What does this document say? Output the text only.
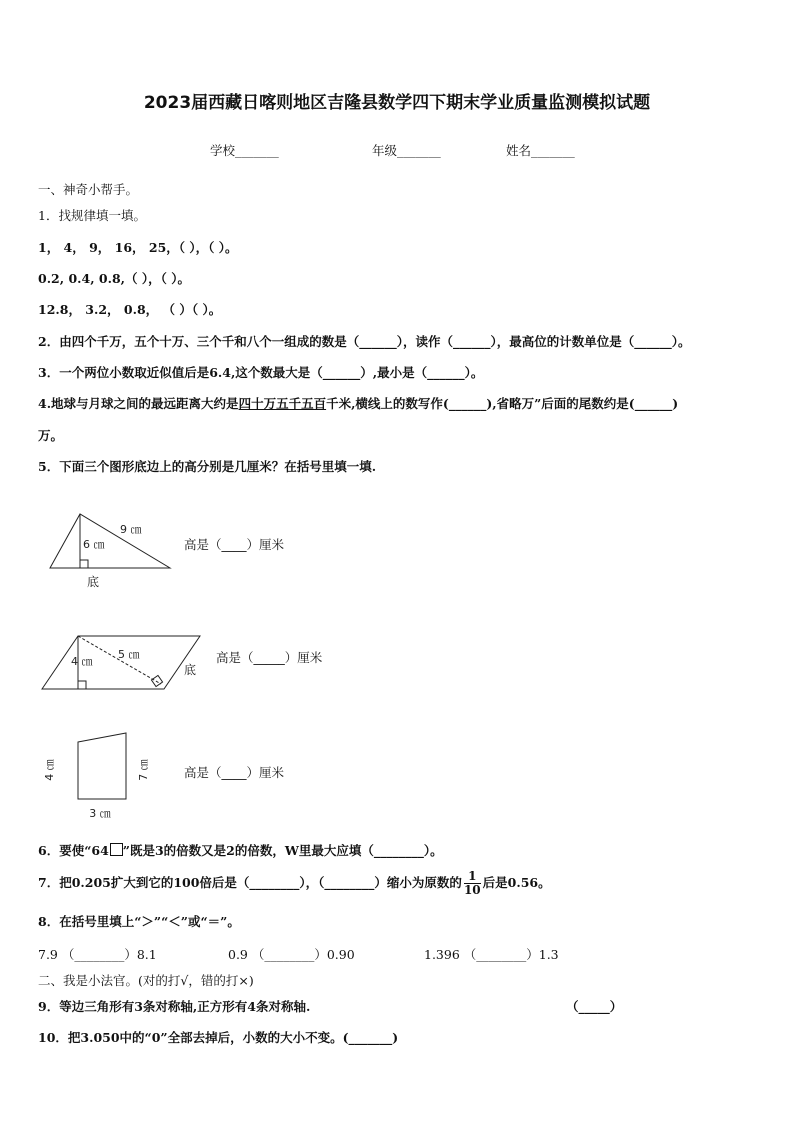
2023届西藏日喀则地区吉隆县数学四下期末学业质量监测模拟试题
学校_______	年级_______	姓名_______
一、神奇小帮手。
1．找规律填一填。
1， 4， 9， 16， 25，（ ），（ ）。
0.2, 0.4, 0.8,（ ），（ ）。
12.8， 3.2， 0.8， （ ）（ ）。
2．由四个千万，五个十万、三个千和八个一组成的数是（______），读作（______），最高位的计数单位是（______）。
3．一个两位小数取近似值后是6.4,这个数最大是（______）,最小是（______）。
4.地球与月球之间的最远距离大约是四十万五千五百千米,横线上的数写作(______),省略万”后面的尾数约是(______)
万。
5．下面三个图形底边上的高分别是几厘米？在括号里填一填.
9 ㎝
6 ㎝
底
高是（____）厘米
5 ㎝
4 ㎝
底
高是（_____）厘米
4 ㎝	7 ㎝
3 ㎝
高是（____）厘米
6．要使“64 ”既是3的倍数又是2的倍数，W里最大应填（________）。
7．把0.205扩大到它的100倍后是（________），（________）缩小为原数的 $\frac{1}{10}$ 后是0.56。
8．在括号里填上“＞”“＜”或“＝”。
7.9 （________）8.1	0.9 （________）0.90	1.396 （________）1.3
二、我是小法官。(对的打√，错的打×)
9．等边三角形有3条对称轴,正方形有4条对称轴.	（_____）
10．把3.050中的“0”全部去掉后，小数的大小不变。(_______)
